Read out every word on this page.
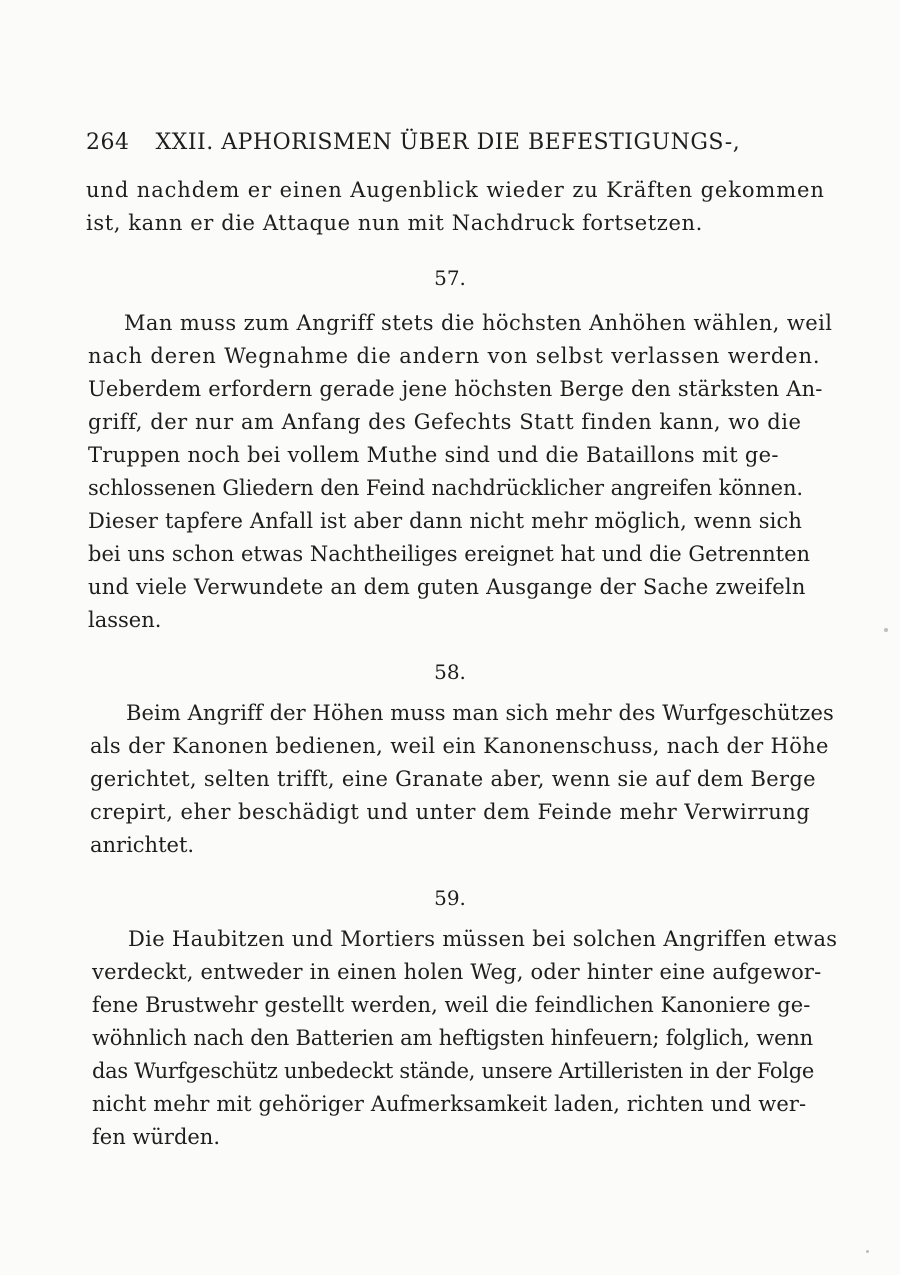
264 XXII. APHORISMEN ÜBER DIE BEFESTIGUNGS-,
und nachdem er einen Augenblick wieder zu Kräften gekommen
ist, kann er die Attaque nun mit Nachdruck fortsetzen.
57.
Man muss zum Angriff stets die höchsten Anhöhen wählen, weil
nach deren Wegnahme die andern von selbst verlassen werden.
Ueberdem erfordern gerade jene höchsten Berge den stärksten An-
griff, der nur am Anfang des Gefechts Statt finden kann, wo die
Truppen noch bei vollem Muthe sind und die Bataillons mit ge-
schlossenen Gliedern den Feind nachdrücklicher angreifen können.
Dieser tapfere Anfall ist aber dann nicht mehr möglich, wenn sich
bei uns schon etwas Nachtheiliges ereignet hat und die Getrennten
und viele Verwundete an dem guten Ausgange der Sache zweifeln
lassen.
58.
Beim Angriff der Höhen muss man sich mehr des Wurfgeschützes
als der Kanonen bedienen, weil ein Kanonenschuss, nach der Höhe
gerichtet, selten trifft, eine Granate aber, wenn sie auf dem Berge
crepirt, eher beschädigt und unter dem Feinde mehr Verwirrung
anrichtet.
59.
Die Haubitzen und Mortiers müssen bei solchen Angriffen etwas
verdeckt, entweder in einen holen Weg, oder hinter eine aufgewor-
fene Brustwehr gestellt werden, weil die feindlichen Kanoniere ge-
wöhnlich nach den Batterien am heftigsten hinfeuern; folglich, wenn
das Wurfgeschütz unbedeckt stände, unsere Artilleristen in der Folge
nicht mehr mit gehöriger Aufmerksamkeit laden, richten und wer-
fen würden.
